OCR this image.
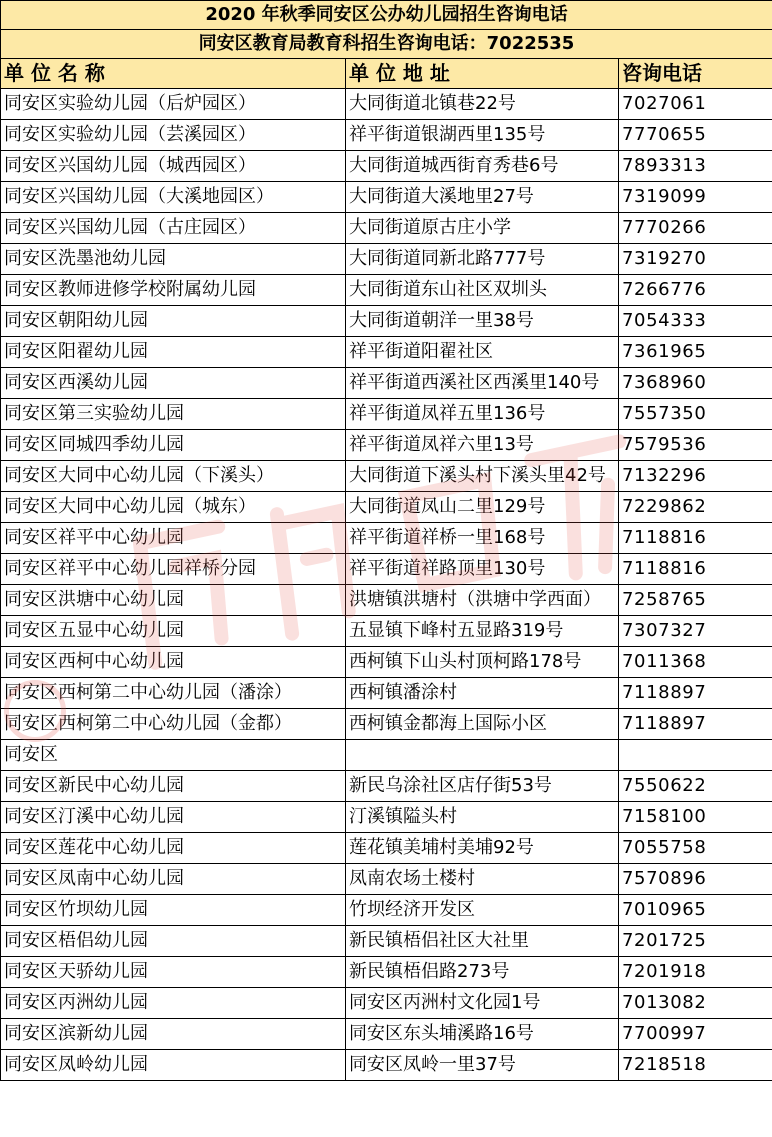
2020 年秋季同安区公办幼儿园招生咨询电话		
同安区教育局教育科招生咨询电话：7022535		
单 位 名 称	单 位 地 址	咨询电话
同安区实验幼儿园（后炉园区）	大同街道北镇巷22号	7027061
同安区实验幼儿园（芸溪园区）	祥平街道银湖西里135号	7770655
同安区兴国幼儿园（城西园区）	大同街道城西街育秀巷6号	7893313
同安区兴国幼儿园（大溪地园区）	大同街道大溪地里27号	7319099
同安区兴国幼儿园（古庄园区）	大同街道原古庄小学	7770266
同安区洗墨池幼儿园	大同街道同新北路777号	7319270
同安区教师进修学校附属幼儿园	大同街道东山社区双圳头	7266776
同安区朝阳幼儿园	大同街道朝洋一里38号	7054333
同安区阳翟幼儿园	祥平街道阳翟社区	7361965
同安区西溪幼儿园	祥平街道西溪社区西溪里140号	7368960
同安区第三实验幼儿园	祥平街道凤祥五里136号	7557350
同安区同城四季幼儿园	祥平街道凤祥六里13号	7579536
同安区大同中心幼儿园（下溪头）	大同街道下溪头村下溪头里42号	7132296
同安区大同中心幼儿园（城东）	大同街道凤山二里129号	7229862
同安区祥平中心幼儿园	祥平街道祥桥一里168号	7118816
同安区祥平中心幼儿园祥桥分园	祥平街道祥路顶里130号	7118816
同安区洪塘中心幼儿园	洪塘镇洪塘村（洪塘中学西面）	7258765
同安区五显中心幼儿园	五显镇下峰村五显路319号	7307327
同安区西柯中心幼儿园	西柯镇下山头村顶柯路178号	7011368
同安区西柯第二中心幼儿园（潘涂）	西柯镇潘涂村	7118897
同安区西柯第二中心幼儿园（金都）	西柯镇金都海上国际小区	7118897
同安区		
同安区新民中心幼儿园	新民乌涂社区店仔街53号	7550622
同安区汀溪中心幼儿园	汀溪镇隘头村	7158100
同安区莲花中心幼儿园	莲花镇美埔村美埔92号	7055758
同安区凤南中心幼儿园	凤南农场土楼村	7570896
同安区竹坝幼儿园	竹坝经济开发区	7010965
同安区梧侣幼儿园	新民镇梧侣社区大社里	7201725
同安区天骄幼儿园	新民镇梧侣路273号	7201918
同安区丙洲幼儿园	同安区丙洲村文化园1号	7013082
同安区滨新幼儿园	同安区东头埔溪路16号	7700997
同安区凤岭幼儿园	同安区凤岭一里37号	7218518
